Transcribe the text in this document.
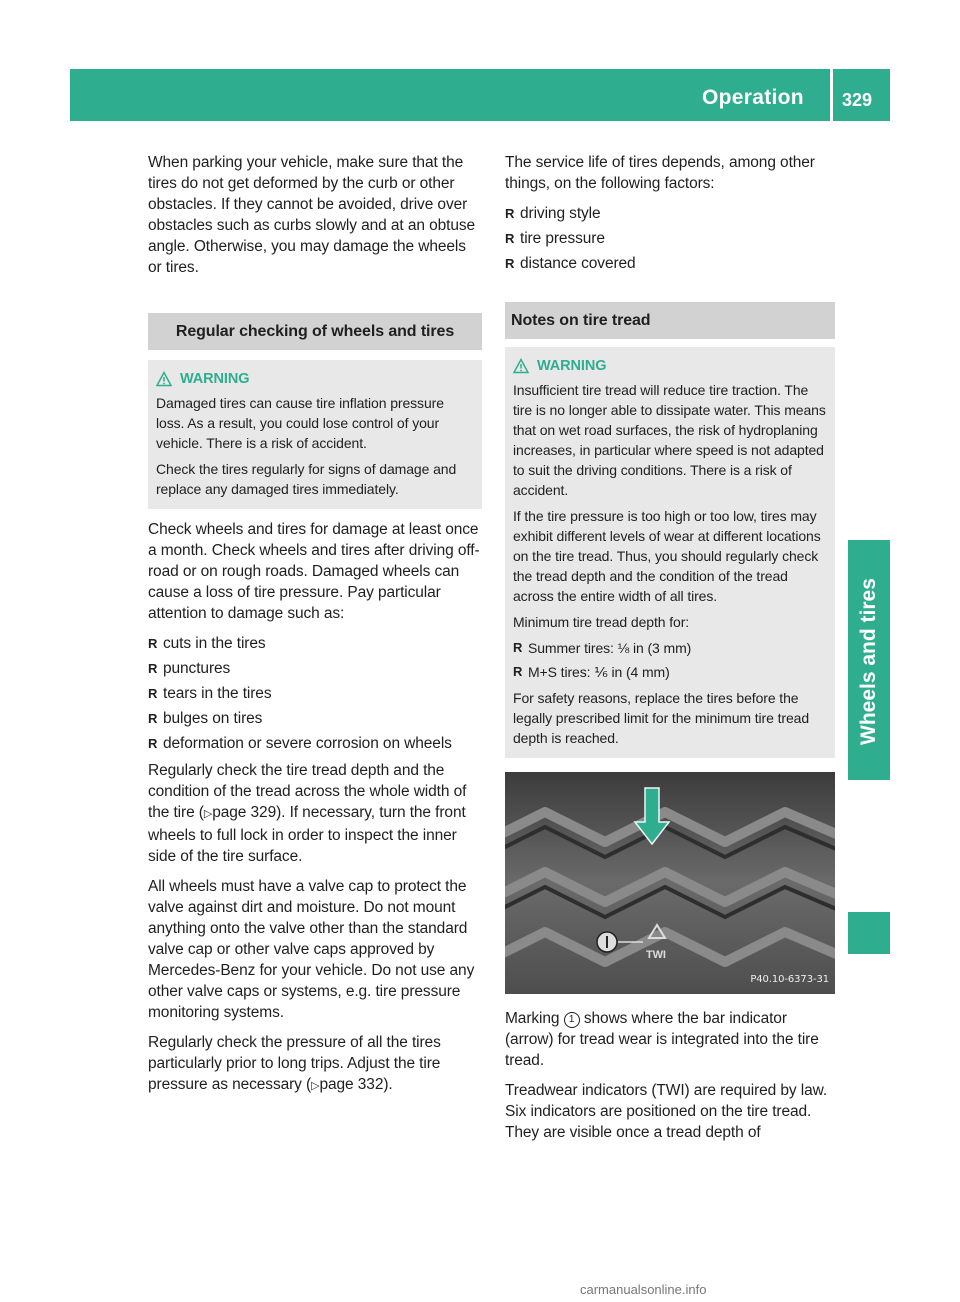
Operation 329
Wheels and tires

When parking your vehicle, make sure that the tires do not get deformed by the curb or other obstacles. If they cannot be avoided, drive over obstacles such as curbs slowly and at an obtuse angle. Otherwise, you may damage the wheels or tires.

Regular checking of wheels and tires
WARNING

Damaged tires can cause tire inflation pressure loss. As a result, you could lose control of your vehicle. There is a risk of accident.

Check the tires regularly for signs of damage and replace any damaged tires immediately.

Check wheels and tires for damage at least once a month. Check wheels and tires after driving off-road or on rough roads. Damaged wheels can cause a loss of tire pressure. Pay particular attention to damage such as:

R cuts in the tires
R punctures
R tears in the tires
R bulges on tires
R deformation or severe corrosion on wheels

Regularly check the tire tread depth and the condition of the tread across the whole width of the tire (▷page 329). If necessary, turn the front wheels to full lock in order to inspect the inner side of the tire surface.

All wheels must have a valve cap to protect the valve against dirt and moisture. Do not mount anything onto the valve other than the standard valve cap or other valve caps approved by Mercedes-Benz for your vehicle. Do not use any other valve caps or systems, e.g. tire pressure monitoring systems.

Regularly check the pressure of all the tires particularly prior to long trips. Adjust the tire pressure as necessary (▷page 332).

The service life of tires depends, among other things, on the following factors:

R driving style
R tire pressure
R distance covered
Notes on tire tread
WARNING

Insufficient tire tread will reduce tire traction. The tire is no longer able to dissipate water. This means that on wet road surfaces, the risk of hydroplaning increases, in particular where speed is not adapted to suit the driving conditions. There is a risk of accident.

If the tire pressure is too high or too low, tires may exhibit different levels of wear at different locations on the tire tread. Thus, you should regularly check the tread depth and the condition of the tread across the entire width of all tires.

Minimum tire tread depth for:

R Summer tires: ⅛ in (3 mm)
R M+S tires: ⅙ in (4 mm)

For safety reasons, replace the tires before the legally prescribed limit for the minimum tire tread depth is reached.

TWI
P40.10-6373-31

Marking 1 shows where the bar indicator (arrow) for tread wear is integrated into the tire tread.

Treadwear indicators (TWI) are required by law. Six indicators are positioned on the tire tread. They are visible once a tread depth of

carmanualsonline.info
